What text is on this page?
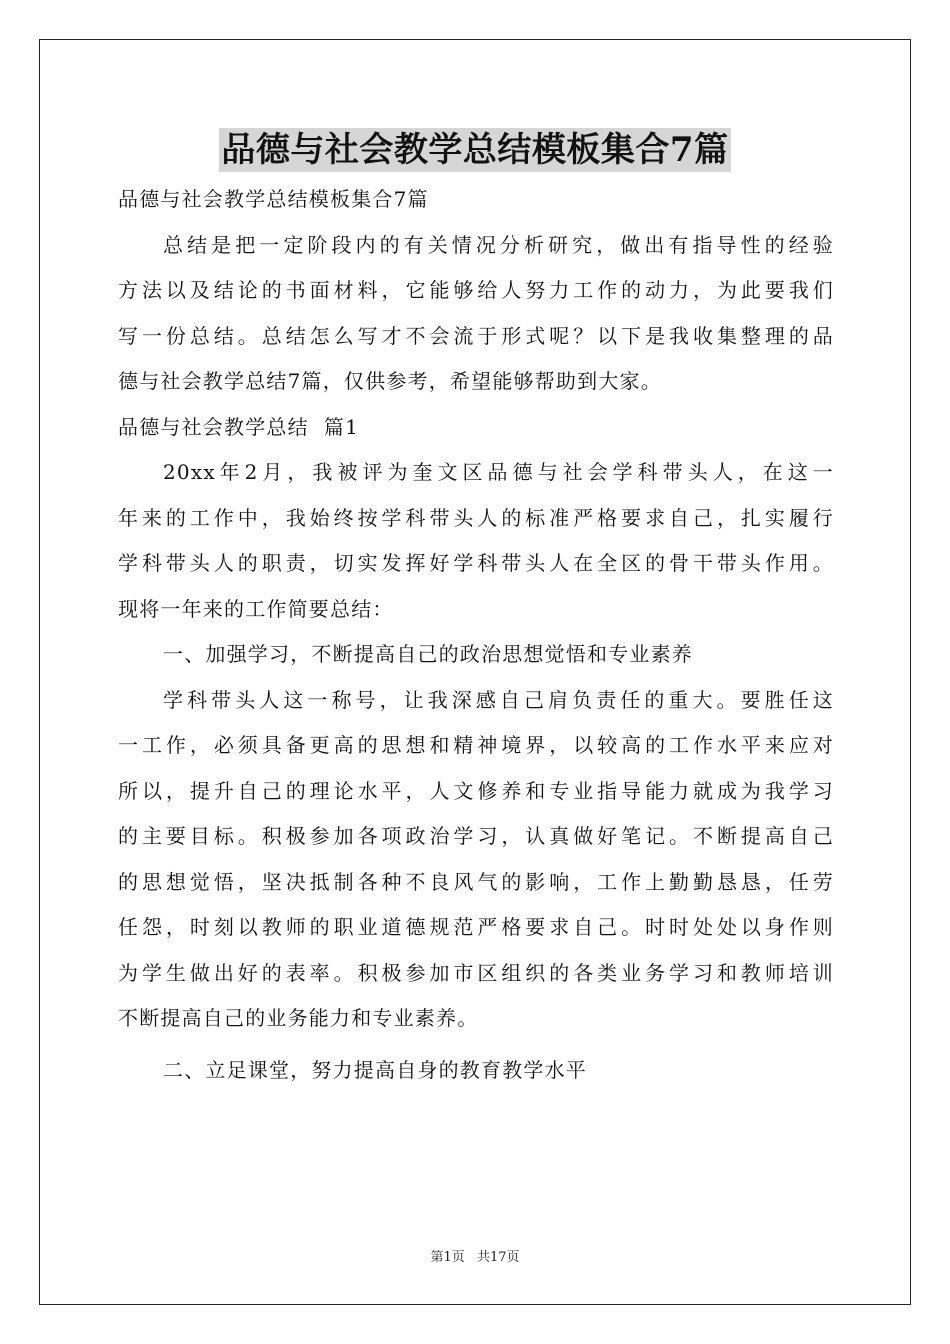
品德与社会教学总结模板集合7篇

品德与社会教学总结模板集合7篇

总结是把一定阶段内的有关情况分析研究，做出有指导性的经验
方法以及结论的书面材料，它能够给人努力工作的动力，为此要我们
写一份总结。总结怎么写才不会流于形式呢？以下是我收集整理的品
德与社会教学总结7篇，仅供参考，希望能够帮助到大家。

品德与社会教学总结  篇1

20xx年2月，我被评为奎文区品德与社会学科带头人，在这一
年来的工作中，我始终按学科带头人的标准严格要求自己，扎实履行
学科带头人的职责，切实发挥好学科带头人在全区的骨干带头作用。
现将一年来的工作简要总结：

一、加强学习，不断提高自己的政治思想觉悟和专业素养

学科带头人这一称号，让我深感自己肩负责任的重大。要胜任这
一工作，必须具备更高的思想和精神境界，以较高的工作水平来应对
所以，提升自己的理论水平，人文修养和专业指导能力就成为我学习
的主要目标。积极参加各项政治学习，认真做好笔记。不断提高自己
的思想觉悟，坚决抵制各种不良风气的影响，工作上勤勤恳恳，任劳
任怨，时刻以教师的职业道德规范严格要求自己。时时处处以身作则
为学生做出好的表率。积极参加市区组织的各类业务学习和教师培训
不断提高自己的业务能力和专业素养。

二、立足课堂，努力提高自身的教育教学水平

第1页 共17页
